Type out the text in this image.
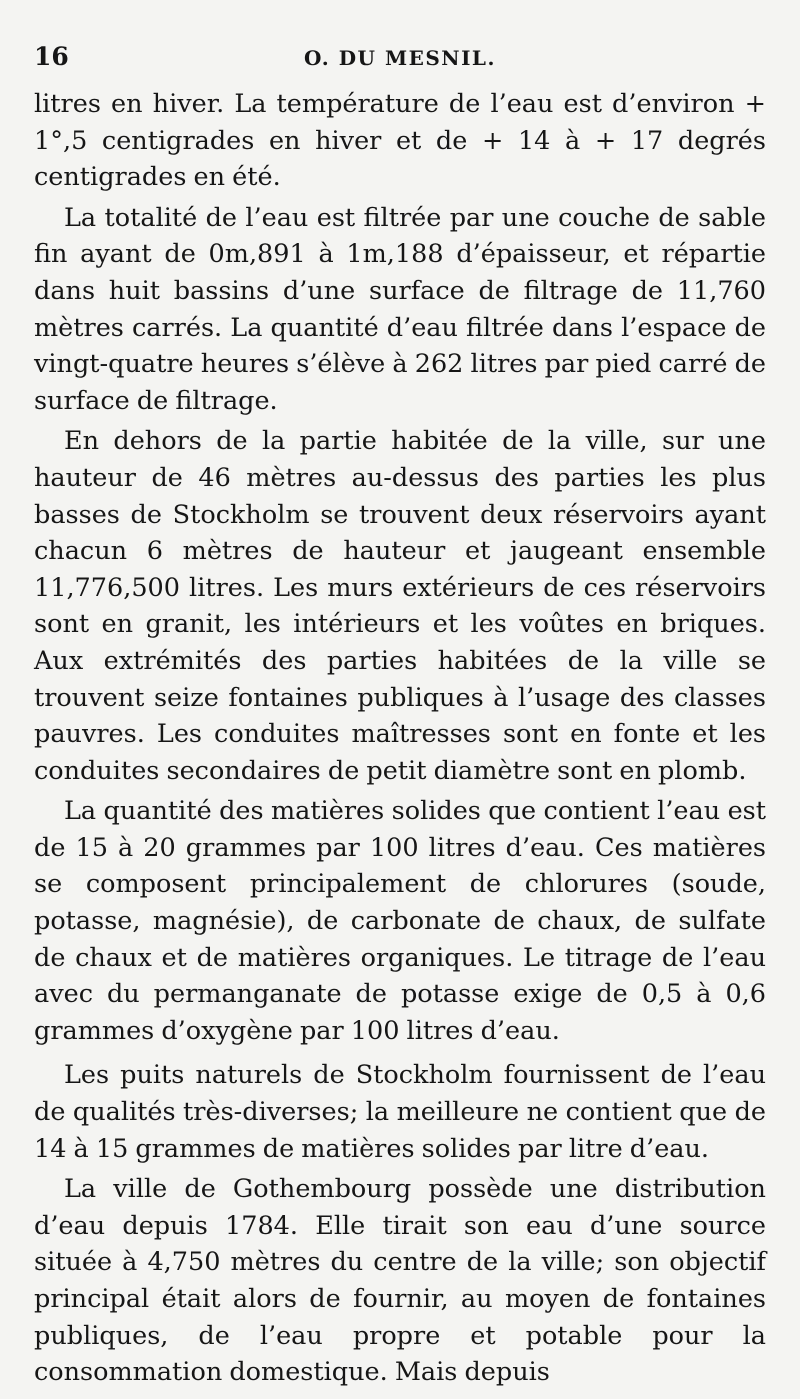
16	O. DU MESNIL.

litres en hiver. La température de l’eau est d’environ + 1°,5 centigrades en hiver et de + 14 à + 17 degrés centigrades en été.

La totalité de l’eau est filtrée par une couche de sable fin ayant de 0m,891 à 1m,188 d’épaisseur, et répartie dans huit bassins d’une surface de filtrage de 11,760 mètres carrés. La quantité d’eau filtrée dans l’espace de vingt-quatre heures s’élève à 262 litres par pied carré de surface de filtrage.

En dehors de la partie habitée de la ville, sur une hauteur de 46 mètres au-dessus des parties les plus basses de Stockholm se trouvent deux réservoirs ayant chacun 6 mètres de hauteur et jaugeant ensemble 11,776,500 litres. Les murs extérieurs de ces réservoirs sont en granit, les intérieurs et les voûtes en briques. Aux extrémités des parties habitées de la ville se trouvent seize fontaines publiques à l’usage des classes pauvres. Les conduites maîtresses sont en fonte et les conduites secondaires de petit diamètre sont en plomb.

La quantité des matières solides que contient l’eau est de 15 à 20 grammes par 100 litres d’eau. Ces matières se composent principalement de chlorures (soude, potasse, magnésie), de carbonate de chaux, de sulfate de chaux et de matières organiques. Le titrage de l’eau avec du permanganate de potasse exige de 0,5 à 0,6 grammes d’oxygène par 100 litres d’eau.

Les puits naturels de Stockholm fournissent de l’eau de qualités très-diverses; la meilleure ne contient que de 14 à 15 grammes de matières solides par litre d’eau.

La ville de Gothembourg possède une distribution d’eau depuis 1784. Elle tirait son eau d’une source située à 4,750 mètres du centre de la ville; son objectif principal était alors de fournir, au moyen de fontaines publiques, de l’eau propre et potable pour la consommation domestique. Mais depuis
